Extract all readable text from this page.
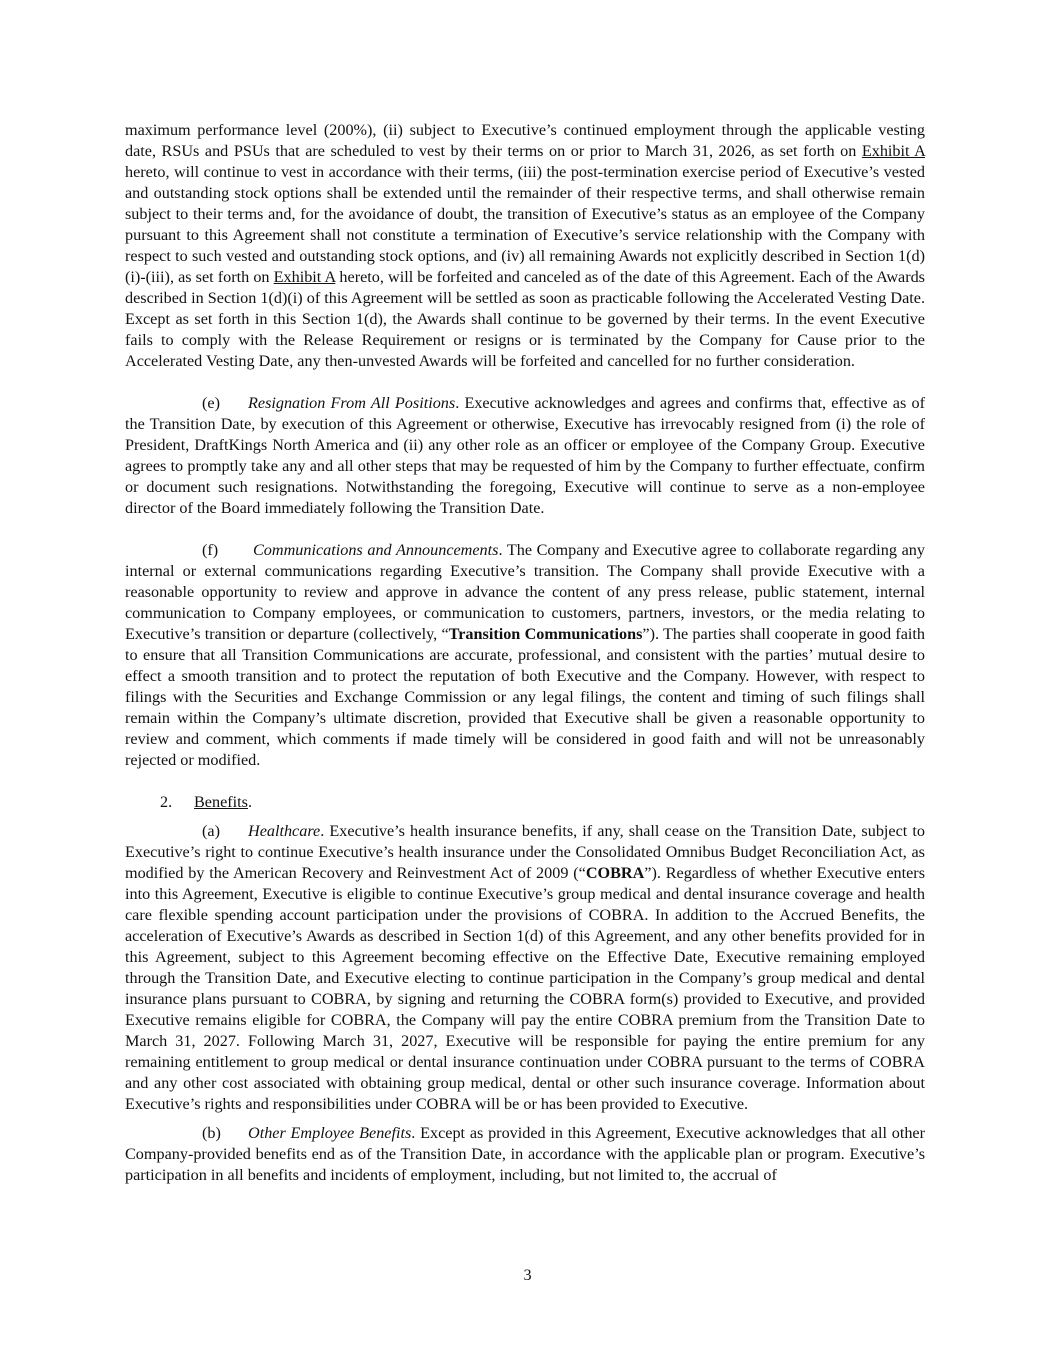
maximum performance level (200%), (ii) subject to Executive’s continued employment through the applicable vesting date, RSUs and PSUs that are scheduled to vest by their terms on or prior to March 31, 2026, as set forth on Exhibit A hereto, will continue to vest in accordance with their terms, (iii) the post-termination exercise period of Executive’s vested and outstanding stock options shall be extended until the remainder of their respective terms, and shall otherwise remain subject to their terms and, for the avoidance of doubt, the transition of Executive’s status as an employee of the Company pursuant to this Agreement shall not constitute a termination of Executive’s service relationship with the Company with respect to such vested and outstanding stock options, and (iv) all remaining Awards not explicitly described in Section 1(d)(i)-(iii), as set forth on Exhibit A hereto, will be forfeited and canceled as of the date of this Agreement. Each of the Awards described in Section 1(d)(i) of this Agreement will be settled as soon as practicable following the Accelerated Vesting Date. Except as set forth in this Section 1(d), the Awards shall continue to be governed by their terms. In the event Executive fails to comply with the Release Requirement or resigns or is terminated by the Company for Cause prior to the Accelerated Vesting Date, any then-unvested Awards will be forfeited and cancelled for no further consideration.

(e) Resignation From All Positions. Executive acknowledges and agrees and confirms that, effective as of the Transition Date, by execution of this Agreement or otherwise, Executive has irrevocably resigned from (i) the role of President, DraftKings North America and (ii) any other role as an officer or employee of the Company Group. Executive agrees to promptly take any and all other steps that may be requested of him by the Company to further effectuate, confirm or document such resignations. Notwithstanding the foregoing, Executive will continue to serve as a non-employee director of the Board immediately following the Transition Date.

(f) Communications and Announcements. The Company and Executive agree to collaborate regarding any internal or external communications regarding Executive’s transition. The Company shall provide Executive with a reasonable opportunity to review and approve in advance the content of any press release, public statement, internal communication to Company employees, or communication to customers, partners, investors, or the media relating to Executive’s transition or departure (collectively, “Transition Communications”). The parties shall cooperate in good faith to ensure that all Transition Communications are accurate, professional, and consistent with the parties’ mutual desire to effect a smooth transition and to protect the reputation of both Executive and the Company. However, with respect to filings with the Securities and Exchange Commission or any legal filings, the content and timing of such filings shall remain within the Company’s ultimate discretion, provided that Executive shall be given a reasonable opportunity to review and comment, which comments if made timely will be considered in good faith and will not be unreasonably rejected or modified.

2. Benefits.

(a) Healthcare. Executive’s health insurance benefits, if any, shall cease on the Transition Date, subject to Executive’s right to continue Executive’s health insurance under the Consolidated Omnibus Budget Reconciliation Act, as modified by the American Recovery and Reinvestment Act of 2009 (“COBRA”). Regardless of whether Executive enters into this Agreement, Executive is eligible to continue Executive’s group medical and dental insurance coverage and health care flexible spending account participation under the provisions of COBRA. In addition to the Accrued Benefits, the acceleration of Executive’s Awards as described in Section 1(d) of this Agreement, and any other benefits provided for in this Agreement, subject to this Agreement becoming effective on the Effective Date, Executive remaining employed through the Transition Date, and Executive electing to continue participation in the Company’s group medical and dental insurance plans pursuant to COBRA, by signing and returning the COBRA form(s) provided to Executive, and provided Executive remains eligible for COBRA, the Company will pay the entire COBRA premium from the Transition Date to March 31, 2027. Following March 31, 2027, Executive will be responsible for paying the entire premium for any remaining entitlement to group medical or dental insurance continuation under COBRA pursuant to the terms of COBRA and any other cost associated with obtaining group medical, dental or other such insurance coverage. Information about Executive’s rights and responsibilities under COBRA will be or has been provided to Executive.

(b) Other Employee Benefits. Except as provided in this Agreement, Executive acknowledges that all other Company-provided benefits end as of the Transition Date, in accordance with the applicable plan or program. Executive’s participation in all benefits and incidents of employment, including, but not limited to, the accrual of

3
